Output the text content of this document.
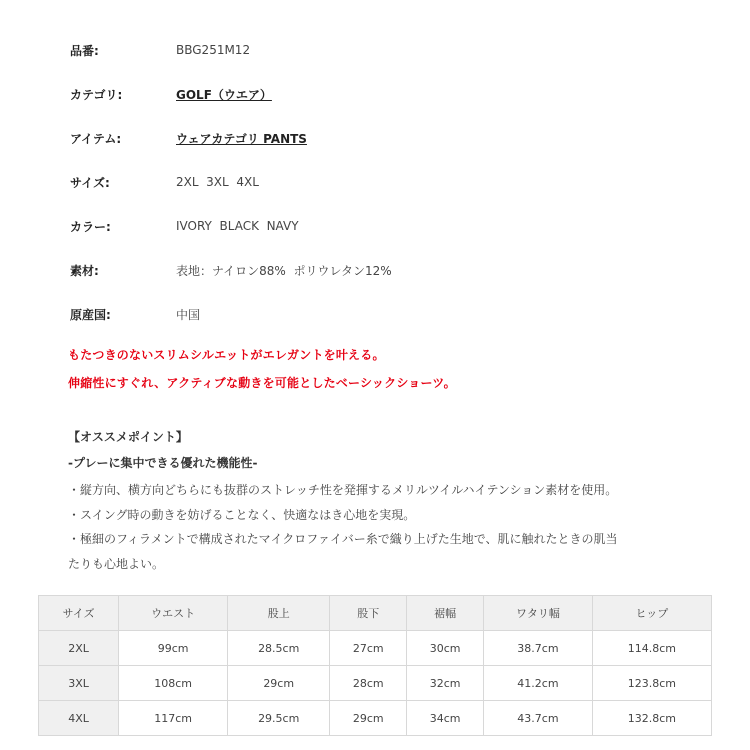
品番:	BBG251M12
カテゴリ:	GOLF（ウエア）
アイテム:	ウェアカテゴリ PANTS
サイズ:	2XL  3XL  4XL
カラー:	IVORY  BLACK  NAVY
素材:	表地：ナイロン88%  ポリウレタン12%
原産国:	中国
もたつきのないスリムシルエットがエレガントを叶える。
伸縮性にすぐれ、アクティブな動きを可能としたベーシックショーツ。
【オススメポイント】
-プレーに集中できる優れた機能性-
・縦方向、横方向どちらにも抜群のストレッチ性を発揮するメリルツイルハイテンション素材を使用。
・スイング時の動きを妨げることなく、快適なはき心地を実現。
・極細のフィラメントで構成されたマイクロファイバー糸で織り上げた生地で、肌に触れたときの肌当
たりも心地よい。
サイズ	ウエスト	股上	股下	裾幅	ワタリ幅	ヒップ
2XL	99cm	28.5cm	27cm	30cm	38.7cm	114.8cm
3XL	108cm	29cm	28cm	32cm	41.2cm	123.8cm
4XL	117cm	29.5cm	29cm	34cm	43.7cm	132.8cm
